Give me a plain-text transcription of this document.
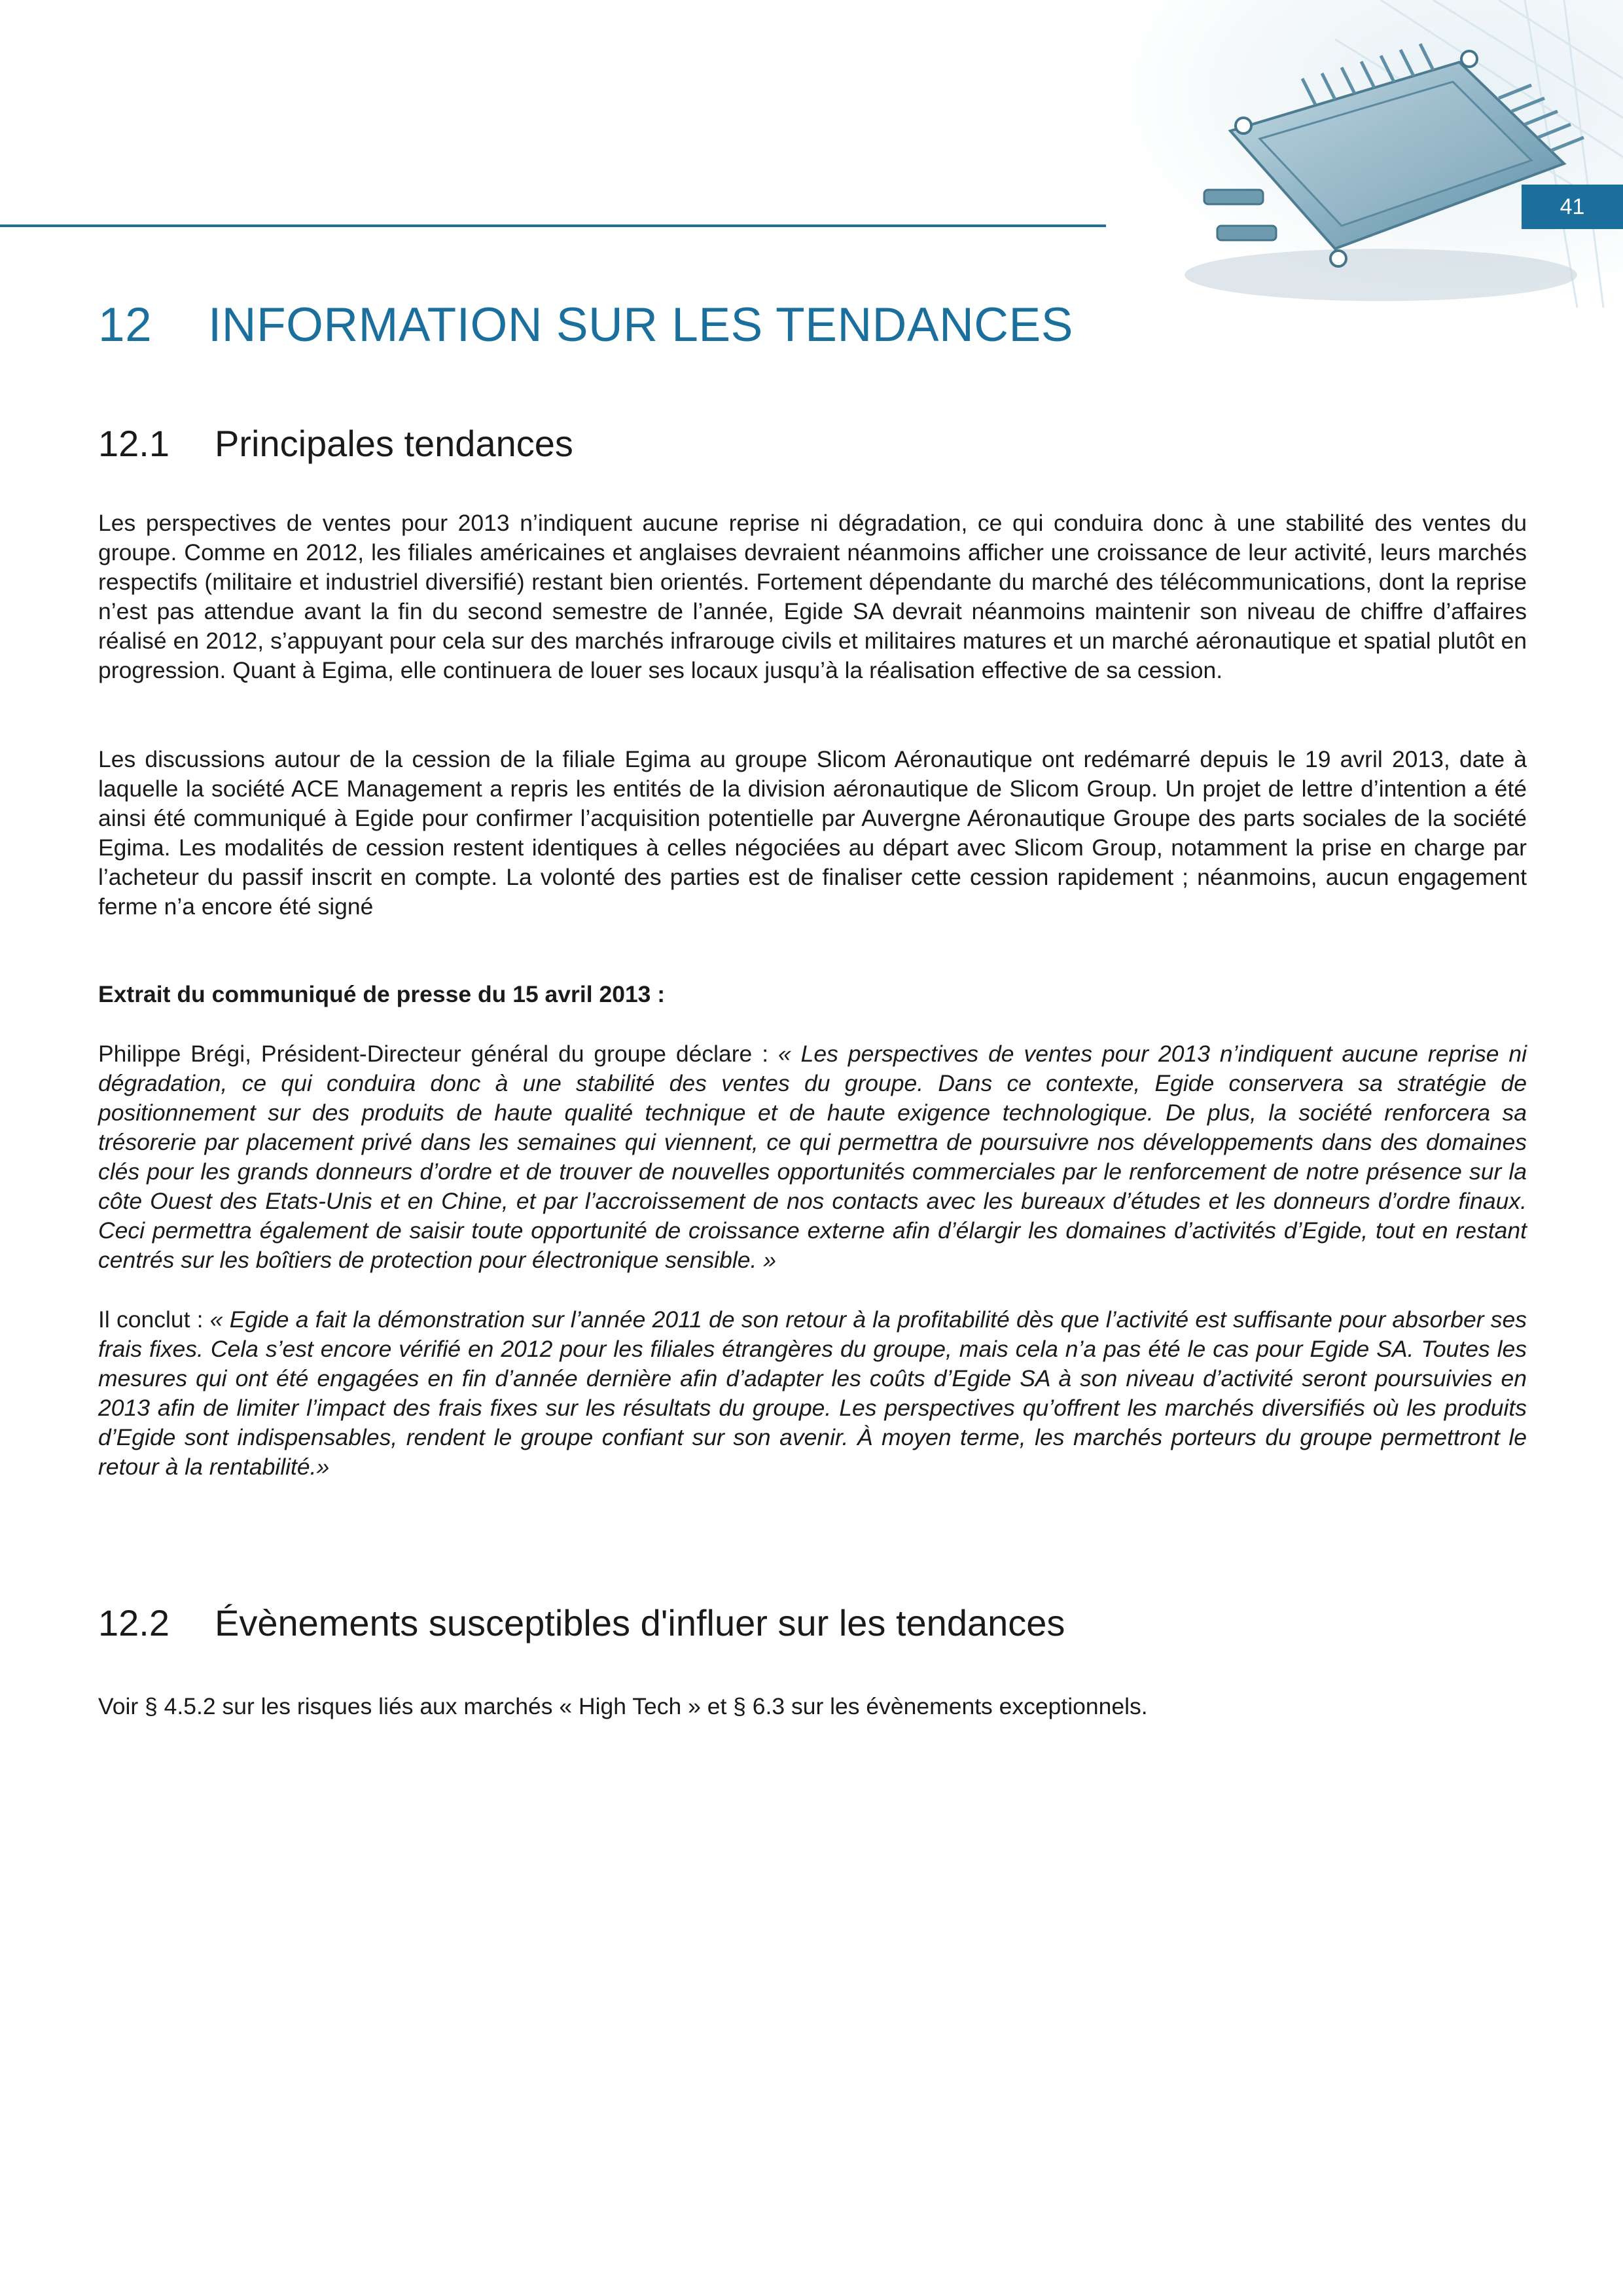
41
12 INFORMATION SUR LES TENDANCES
12.1 Principales tendances

Les perspectives de ventes pour 2013 n’indiquent aucune reprise ni dégradation, ce qui conduira donc à une stabilité des ventes du groupe. Comme en 2012, les filiales américaines et anglaises devraient néanmoins afficher une croissance de leur activité, leurs marchés respectifs (militaire et industriel diversifié) restant bien orientés. Fortement dépendante du marché des télécommunications, dont la reprise n’est pas attendue avant la fin du second semestre de l’année, Egide SA devrait néanmoins maintenir son niveau de chiffre d’affaires réalisé en 2012, s’appuyant pour cela sur des marchés infrarouge civils et militaires matures et un marché aéronautique et spatial plutôt en progression. Quant à Egima, elle continuera de louer ses locaux jusqu’à la réalisation effective de sa cession.

Les discussions autour de la cession de la filiale Egima au groupe Slicom Aéronautique ont redémarré depuis le 19 avril 2013, date à laquelle la société ACE Management a repris les entités de la division aéronautique de Slicom Group. Un projet de lettre d’intention a été ainsi été communiqué à Egide pour confirmer l’acquisition potentielle par Auvergne Aéronautique Groupe des parts sociales de la société Egima. Les modalités de cession restent identiques à celles négociées au départ avec Slicom Group, notamment la prise en charge par l’acheteur du passif inscrit en compte. La volonté des parties est de finaliser cette cession rapidement ; néanmoins, aucun engagement ferme n’a encore été signé

Extrait du communiqué de presse du 15 avril 2013 :

Philippe Brégi, Président-Directeur général du groupe déclare : « Les perspectives de ventes pour 2013 n’indiquent aucune reprise ni dégradation, ce qui conduira donc à une stabilité des ventes du groupe. Dans ce contexte, Egide conservera sa stratégie de positionnement sur des produits de haute qualité technique et de haute exigence technologique. De plus, la société renforcera sa trésorerie par placement privé dans les semaines qui viennent, ce qui permettra de poursuivre nos développements dans des domaines clés pour les grands donneurs d’ordre et de trouver de nouvelles opportunités commerciales par le renforcement de notre présence sur la côte Ouest des Etats-Unis et en Chine, et par l’accroissement de nos contacts avec les bureaux d’études et les donneurs d’ordre finaux. Ceci permettra également de saisir toute opportunité de croissance externe afin d’élargir les domaines d’activités d’Egide, tout en restant centrés sur les boîtiers de protection pour électronique sensible. »

Il conclut : « Egide a fait la démonstration sur l’année 2011 de son retour à la profitabilité dès que l’activité est suffisante pour absorber ses frais fixes. Cela s’est encore vérifié en 2012 pour les filiales étrangères du groupe, mais cela n’a pas été le cas pour Egide SA. Toutes les mesures qui ont été engagées en fin d’année dernière afin d’adapter les coûts d’Egide SA à son niveau d’activité seront poursuivies en 2013 afin de limiter l’impact des frais fixes sur les résultats du groupe. Les perspectives qu’offrent les marchés diversifiés où les produits d’Egide sont indispensables, rendent le groupe confiant sur son avenir. À moyen terme, les marchés porteurs du groupe permettront le retour à la rentabilité.»

12.2 Évènements susceptibles d'influer sur les tendances

Voir § 4.5.2 sur les risques liés aux marchés « High Tech » et § 6.3 sur les évènements exceptionnels.
